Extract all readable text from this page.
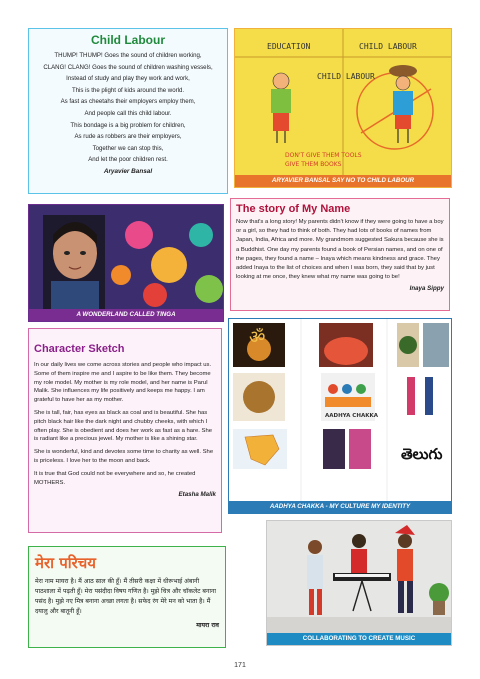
Child Labour

THUMP! THUMP! Goes the sound of children working,

CLANG! CLANG! Goes the sound of children washing vessels,

Instead of study and play they work and work,

This is the plight of kids around the world.

As fast as cheetahs their employers employ them,

And people call this child labour.

This bondage is a big problem for children,

As rude as robbers are their employers,

Together we can stop this,

And let the poor children rest.

Aryavier Bansal

EDUCATION	CHILD LABOUR
CHILD LABOUR
DON'T GIVE THEM TOOLS
GIVE THEM BOOKS
ARYAVIER BANSAL SAY NO TO CHILD LABOUR
The story of My Name

Now that's a long story! My parents didn't know if they were going to have a boy or a girl, so they had to think of both. They had lots of books of names from Japan, India, Africa and more. My grandmom suggested Sakura because she is a Buddhist. One day my parents found a book of Persian names, and on one of the pages, they found a name – Inaya which means kindness and grace. They added Inaya to the list of choices and when I was born, they said that by just looking at me once, they knew what my name was going to be!

Inaya Sippy

A WONDERLAND CALLED TINGA
Character Sketch

In our daily lives we come across stories and people who impact us. Some of them inspire me and I aspire to be like them. They become my role model. My mother is my role model, and her name is Parul Malik. She influences my life positively and keeps me happy. I am grateful to have her as my mother.

She is tall, fair, has eyes as black as coal and is beautiful. She has pitch black hair like the dark night and chubby cheeks, with which I often play. She is obedient and does her work as fast as a hare. She is radiant like a precious jewel. My mother is like a shining star.

She is wonderful, kind and devotes some time to charity as well. She is priceless. I love her to the moon and back.

It is true that God could not be everywhere and so, he created MOTHERS.

Etasha Malik

ॐ
AADHYA CHAKKA
తెలుగు
AADHYA CHAKKA - MY CULTURE MY IDENTITY
मेरा परिचय

मेरा नाम मायरा है। मैं आठ साल की हूँ। मैं तीसरी कक्षा में धीरूभाई अंबानी पाठशाला में पढ़ती हूँ। मेरा पसंदीदा विषय गणित है। मुझे चित्र और चॉकलेट बनाना पसंद है। मुझे नए मित्र बनाना अच्छा लगता है। सफेद रंग मेरे मन को भाता है। मैं दयालु और बातूनी हूँ।

मायरा राव

COLLABORATING TO CREATE MUSIC
171
